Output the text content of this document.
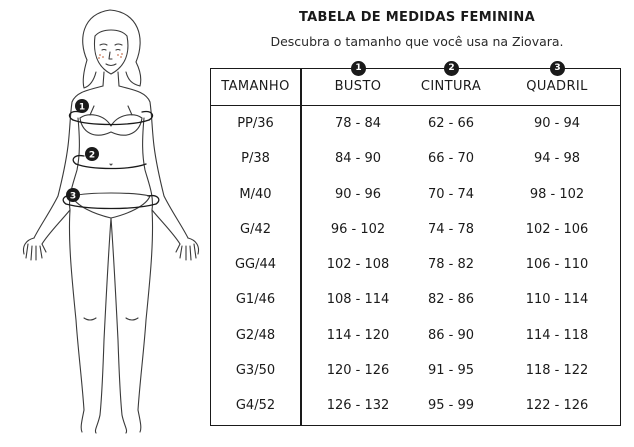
1
2
3
TABELA DE MEDIDAS FEMININA
Descubra o tamanho que você usa na Ziovara.
TAMANHO	BUSTO	CINTURA	QUADRIL
1	2	3
PP/36	78 - 84	62 - 66	90 - 94
P/38	84 - 90	66 - 70	94 - 98
M/40	90 - 96	70 - 74	98 - 102
G/42	96 - 102	74 - 78	102 - 106
GG/44	102 - 108	78 - 82	106 - 110
G1/46	108 - 114	82 - 86	110 - 114
G2/48	114 - 120	86 - 90	114 - 118
G3/50	120 - 126	91 - 95	118 - 122
G4/52	126 - 132	95 - 99	122 - 126
